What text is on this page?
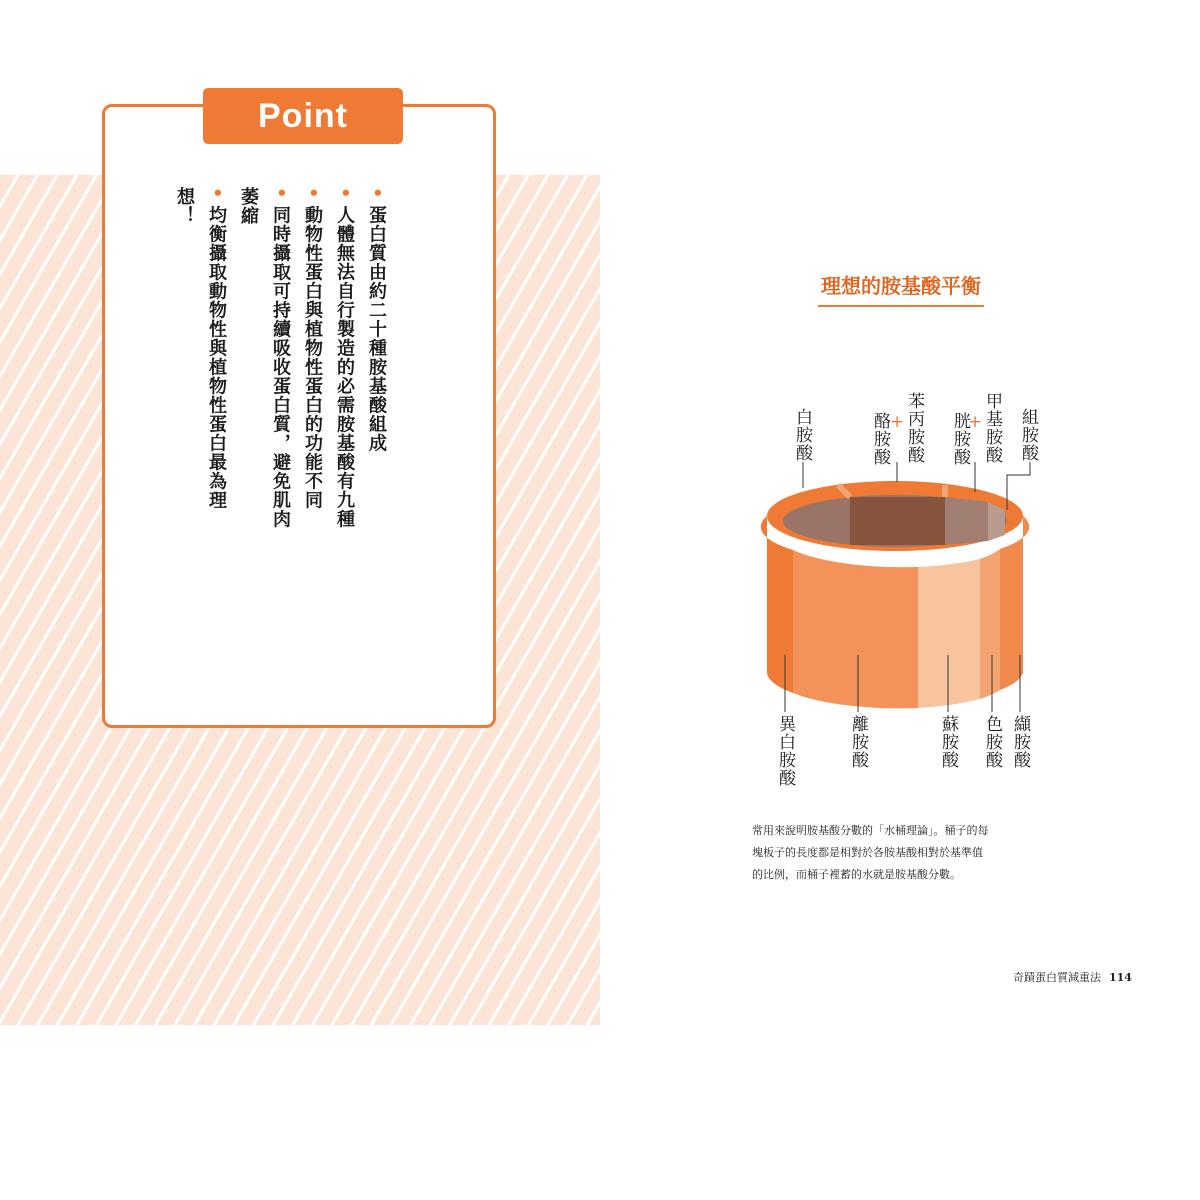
Point
•蛋白質由約二十種胺基酸組成
•人體無法自行製造的必需胺基酸有九種
•動物性蛋白與植物性蛋白的功能不同
•同時攝取可持續吸收蛋白質，避免肌肉萎縮
•均衡攝取動物性與植物性蛋白最為理想！
理想的胺基酸平衡
白胺酸	酪胺酸 + 苯丙胺酸 胱胺酸
+ 甲基胺酸 組胺酸
異白胺酸	離胺酸	蘇胺酸 色胺酸 纈胺酸
常用來說明胺基酸分數的「水桶理論」。桶子的每塊板子的長度都是相對於各胺基酸相對於基準值的比例，而桶子裡蓄的水就是胺基酸分數。
奇蹟蛋白質減重法 114
